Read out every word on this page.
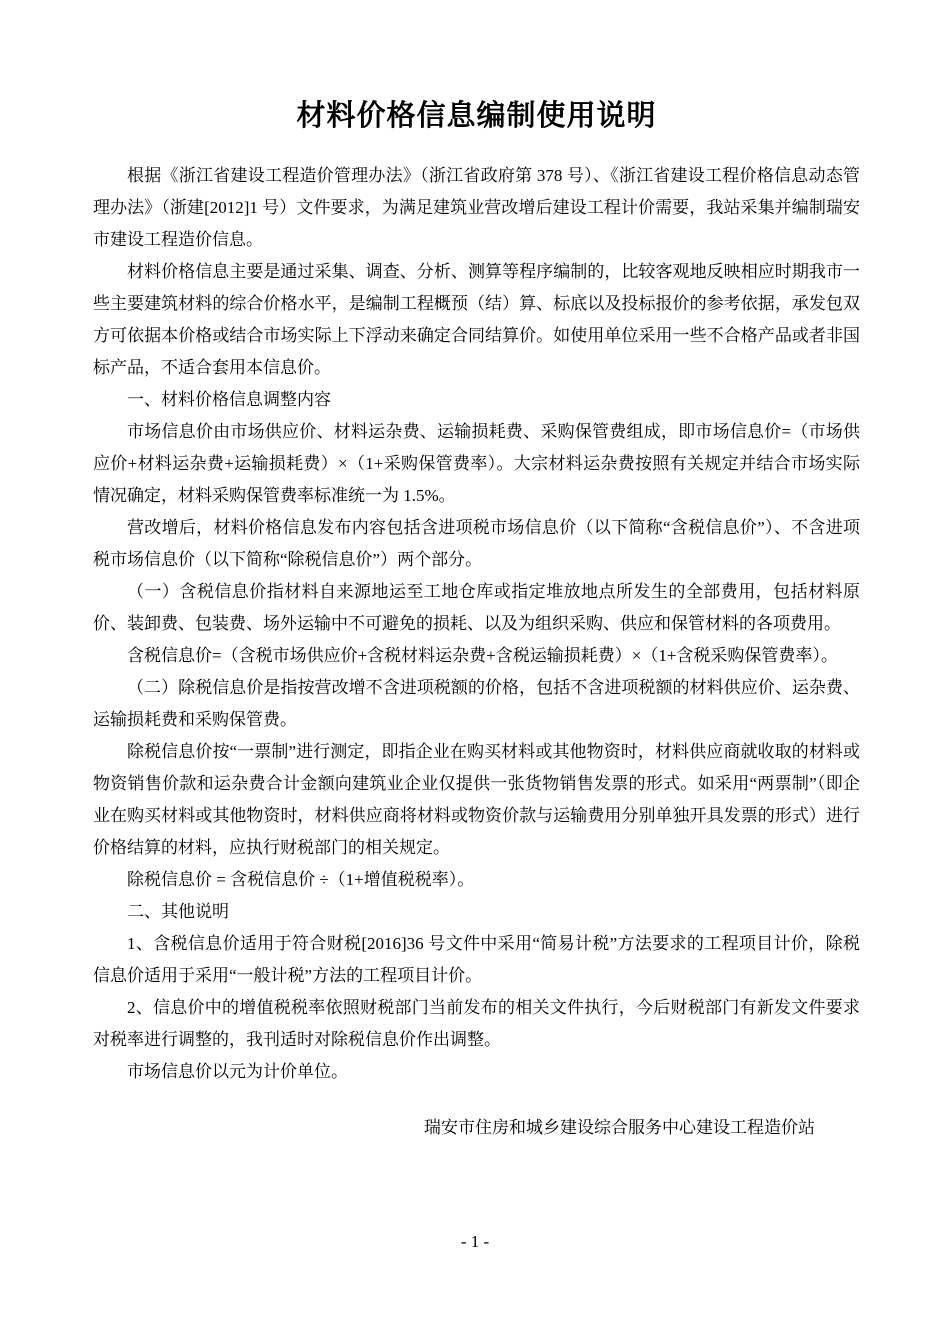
材料价格信息编制使用说明

根据《浙江省建设工程造价管理办法》（浙江省政府第 378 号）、《浙江省建设工程价格信息动态管理办法》（浙建[2012]1 号）文件要求，为满足建筑业营改增后建设工程计价需要，我站采集并编制瑞安市建设工程造价信息。

材料价格信息主要是通过采集、调查、分析、测算等程序编制的，比较客观地反映相应时期我市一些主要建筑材料的综合价格水平，是编制工程概预（结）算、标底以及投标报价的参考依据，承发包双方可依据本价格或结合市场实际上下浮动来确定合同结算价。如使用单位采用一些不合格产品或者非国标产品，不适合套用本信息价。

一、材料价格信息调整内容

市场信息价由市场供应价、材料运杂费、运输损耗费、采购保管费组成，即市场信息价=（市场供应价+材料运杂费+运输损耗费）×（1+采购保管费率）。大宗材料运杂费按照有关规定并结合市场实际情况确定，材料采购保管费率标准统一为 1.5%。

营改增后，材料价格信息发布内容包括含进项税市场信息价（以下简称“含税信息价”）、不含进项税市场信息价（以下简称“除税信息价”）两个部分。

（一）含税信息价指材料自来源地运至工地仓库或指定堆放地点所发生的全部费用，包括材料原价、装卸费、包装费、场外运输中不可避免的损耗、以及为组织采购、供应和保管材料的各项费用。

含税信息价=（含税市场供应价+含税材料运杂费+含税运输损耗费）×（1+含税采购保管费率）。

（二）除税信息价是指按营改增不含进项税额的价格，包括不含进项税额的材料供应价、运杂费、运输损耗费和采购保管费。

除税信息价按“一票制”进行测定，即指企业在购买材料或其他物资时，材料供应商就收取的材料或物资销售价款和运杂费合计金额向建筑业企业仅提供一张货物销售发票的形式。如采用“两票制”（即企业在购买材料或其他物资时，材料供应商将材料或物资价款与运输费用分别单独开具发票的形式）进行价格结算的材料，应执行财税部门的相关规定。

除税信息价 = 含税信息价 ÷（1+增值税税率）。

二、其他说明

1、含税信息价适用于符合财税[2016]36 号文件中采用“简易计税”方法要求的工程项目计价，除税信息价适用于采用“一般计税”方法的工程项目计价。

2、信息价中的增值税税率依照财税部门当前发布的相关文件执行，今后财税部门有新发文件要求对税率进行调整的，我刊适时对除税信息价作出调整。

市场信息价以元为计价单位。

瑞安市住房和城乡建设综合服务中心建设工程造价站

- 1 -
